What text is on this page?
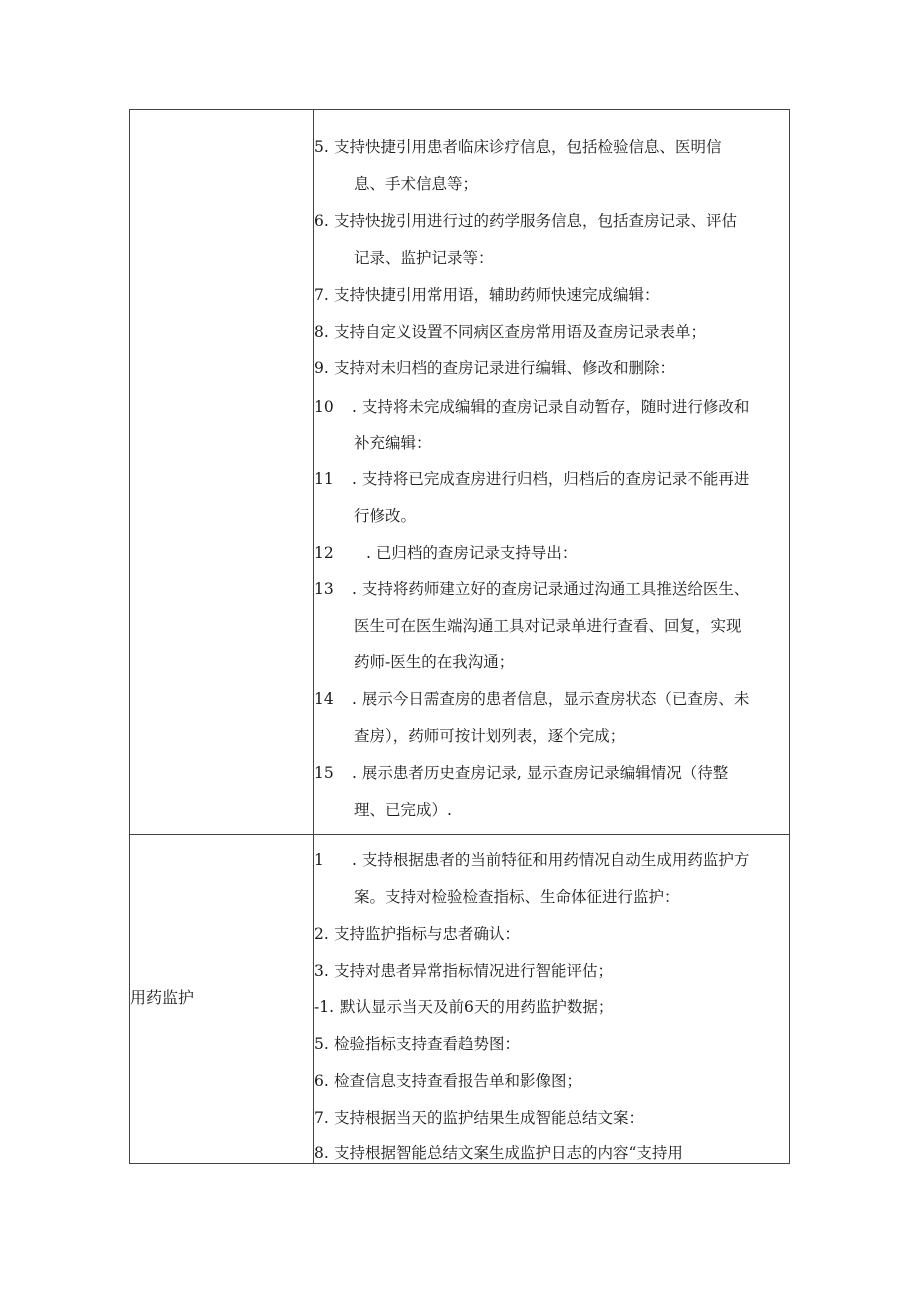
5. 支持快捷引用患者临床诊疗信息，包括检验信息、医明信
息、手术信息等；
6. 支持快拢引用进行过的药学服务信息，包括查房记录、评估
记录、监护记录等：
7. 支持快捷引用常用语，辅助药师快速完成编辑：
8. 支持自定义设置不同病区查房常用语及查房记录表单；
9. 支持对未归档的查房记录进行编辑、修改和删除：
10 . 支持将未完成编辑的查房记录自动暂存，随时进行修改和
补充编辑：
11 . 支持将已完成查房进行归档，归档后的查房记录不能再进
行修改。
12 . 已归档的查房记录支持导出：
13 . 支持将药师建立好的查房记录通过沟通工具推送给医生、
医生可在医生端沟通工具对记录单进行查看、回复，实现
药师-医生的在我沟通；
14 . 展示今日需查房的患者信息，显示查房状态（已查房、未
查房），药师可按计划列表，逐个完成；
15 . 展示患者历史查房记录, 显示查房记录编辑情况（待整
理、已完成）.
用药监护
1 . 支持根据患者的当前特征和用药情况自动生成用药监护方
案。支持对检验检查指标、生命体征进行监护：
2. 支持监护指标与忠者确认：
3. 支持对患者异常指标情况进行智能评估；
-1. 默认显示当天及前6天的用药监护数据；
5. 检验指标支持查看趋势图：
6. 检查信息支持查看报告单和影像图；
7. 支持根据当天的监护结果生成智能总结文案：
8. 支持根据智能总结文案生成监护日志的内容“支持用
